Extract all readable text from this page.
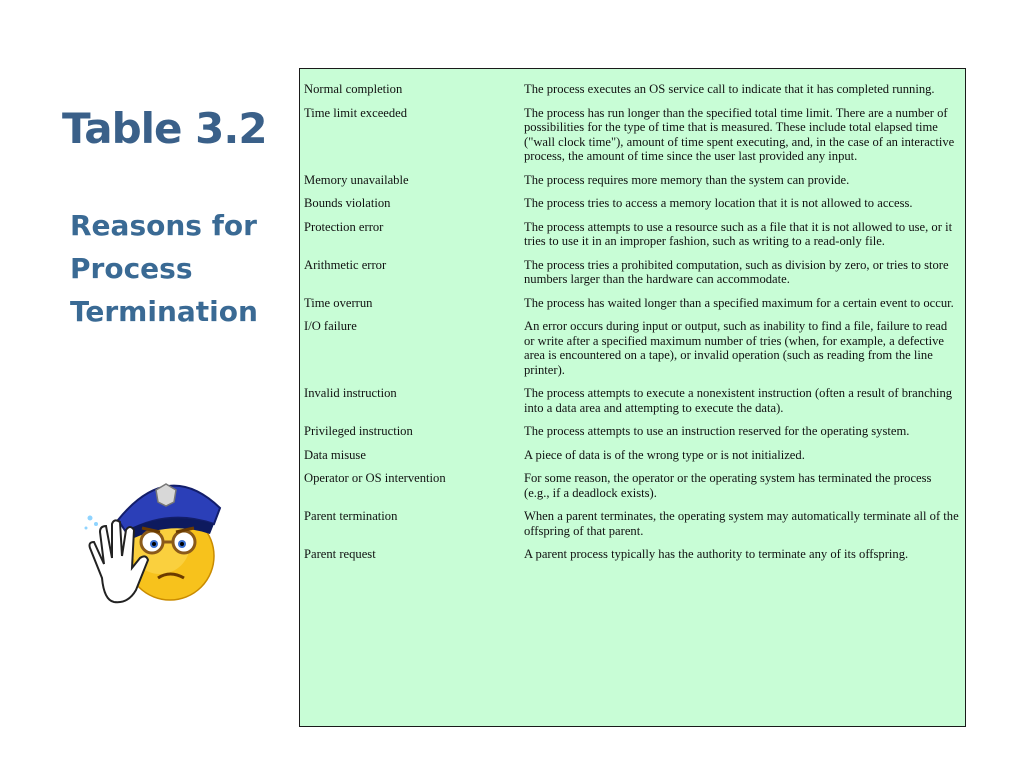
Table 3.2
Reasons for
Process
Termination
Normal completion	The process executes an OS service call to indicate that it has completed running.
Time limit exceeded	The process has run longer than the specified total time limit. There are a number of possibilities for the type of time that is measured. These include total elapsed time ("wall clock time"), amount of time spent executing, and, in the case of an interactive process, the amount of time since the user last provided any input.
Memory unavailable	The process requires more memory than the system can provide.
Bounds violation	The process tries to access a memory location that it is not allowed to access.
Protection error	The process attempts to use a resource such as a file that it is not allowed to use, or it tries to use it in an improper fashion, such as writing to a read-only file.
Arithmetic error	The process tries a prohibited computation, such as division by zero, or tries to store numbers larger than the hardware can accommodate.
Time overrun	The process has waited longer than a specified maximum for a certain event to occur.
I/O failure	An error occurs during input or output, such as inability to find a file, failure to read or write after a specified maximum number of tries (when, for example, a defective area is encountered on a tape), or invalid operation (such as reading from the line printer).
Invalid instruction	The process attempts to execute a nonexistent instruction (often a result of branching into a data area and attempting to execute the data).
Privileged instruction	The process attempts to use an instruction reserved for the operating system.
Data misuse	A piece of data is of the wrong type or is not initialized.
Operator or OS intervention	For some reason, the operator or the operating system has terminated the process (e.g., if a deadlock exists).
Parent termination	When a parent terminates, the operating system may automatically terminate all of the offspring of that parent.
Parent request	A parent process typically has the authority to terminate any of its offspring.
